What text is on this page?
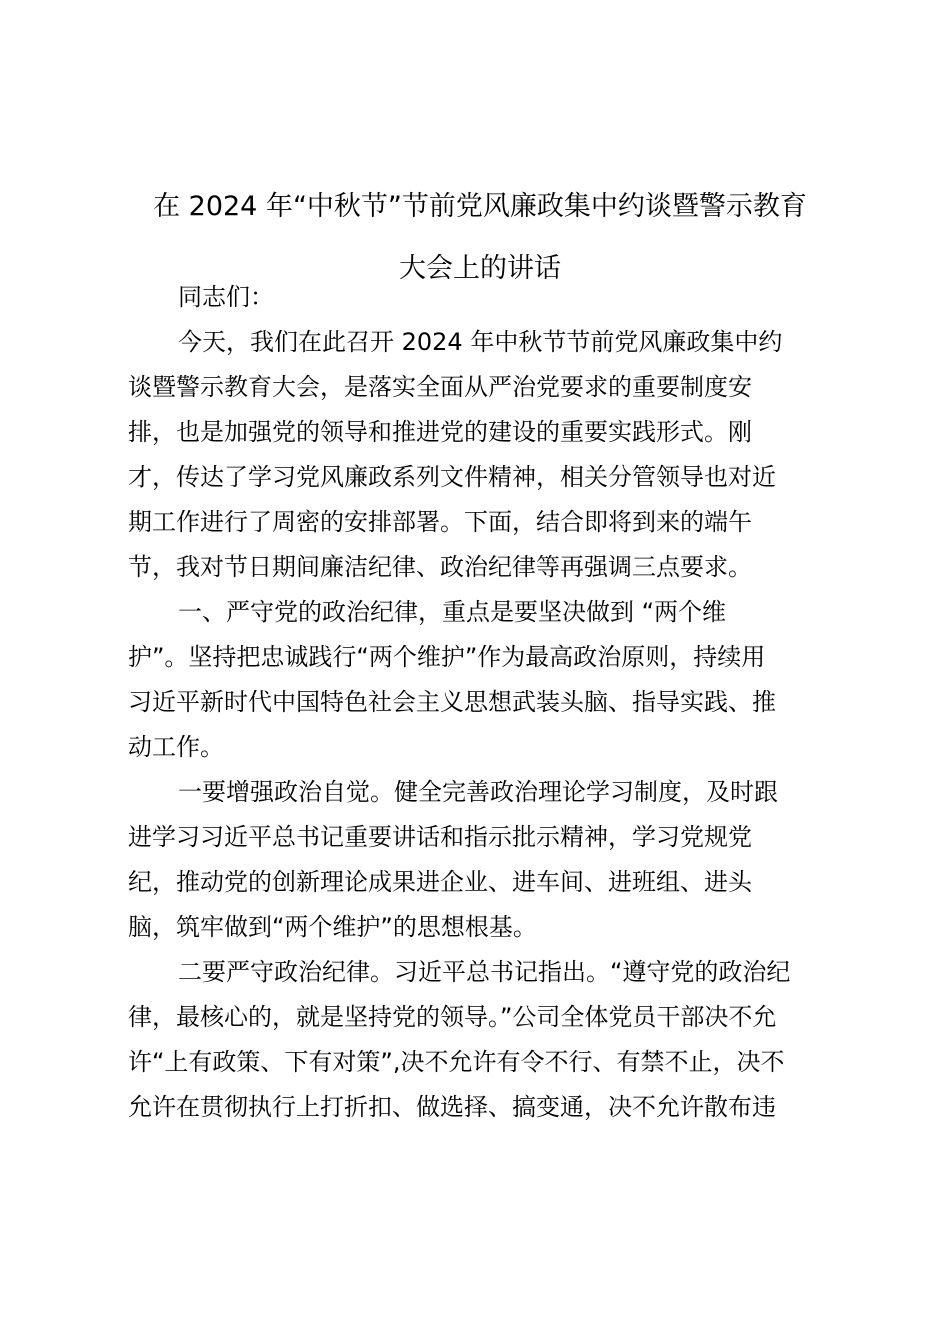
在 2024 年“中秋节”节前党风廉政集中约谈暨警示教育
大会上的讲话
同志们：
今天，我们在此召开 2024 年中秋节节前党风廉政集中约
谈暨警示教育大会，是落实全面从严治党要求的重要制度安
排，也是加强党的领导和推进党的建设的重要实践形式。刚
才，传达了学习党风廉政系列文件精神，相关分管领导也对近
期工作进行了周密的安排部署。下面，结合即将到来的端午
节，我对节日期间廉洁纪律、政治纪律等再强调三点要求。
一、严守党的政治纪律，重点是要坚决做到 “两个维
护”。坚持把忠诚践行“两个维护”作为最高政治原则，持续用
习近平新时代中国特色社会主义思想武装头脑、指导实践、推
动工作。
一要增强政治自觉。健全完善政治理论学习制度，及时跟
进学习习近平总书记重要讲话和指示批示精神，学习党规党
纪，推动党的创新理论成果进企业、进车间、进班组、进头
脑，筑牢做到“两个维护”的思想根基。
二要严守政治纪律。习近平总书记指出。“遵守党的政治纪
律，最核心的，就是坚持党的领导。”公司全体党员干部决不允
许“上有政策、下有对策”,决不允许有令不行、有禁不止，决不
允许在贯彻执行上打折扣、做选择、搞变通，决不允许散布违
